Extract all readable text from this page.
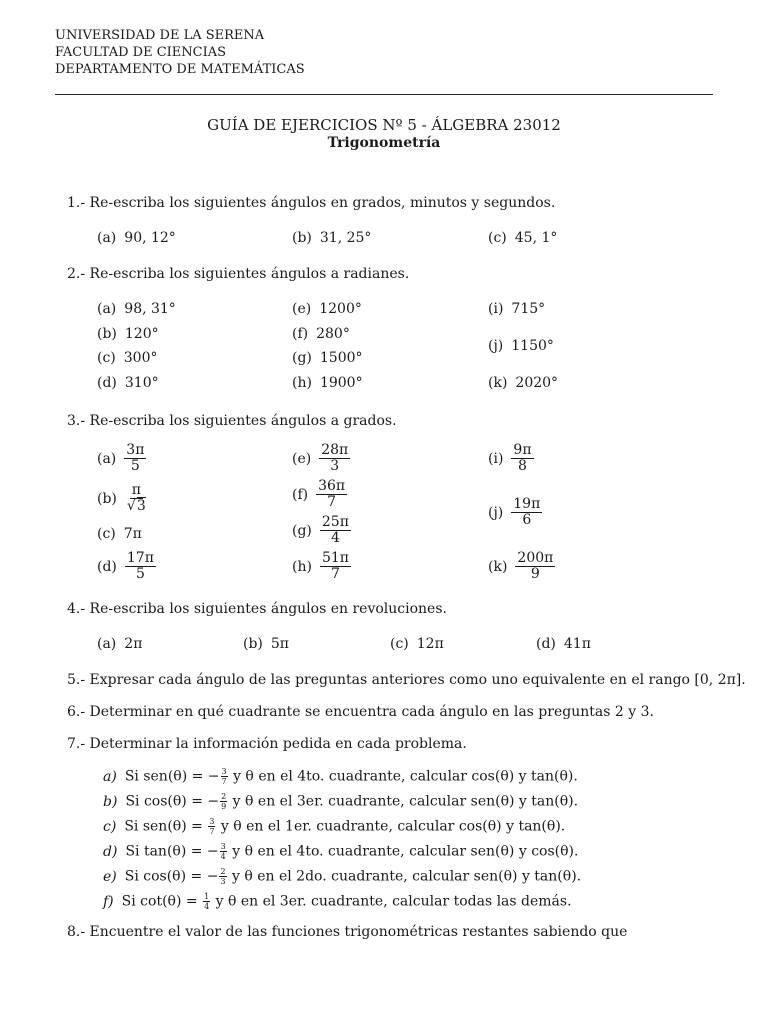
UNIVERSIDAD DE LA SERENA
FACULTAD DE CIENCIAS
DEPARTAMENTO DE MATEMÁTICAS
GUÍA DE EJERCICIOS Nº 5 - ÁLGEBRA 23012
Trigonometría
1.- Re-escriba los siguientes ángulos en grados, minutos y segundos.
(a) 90, 12°	(b) 31, 25°	(c) 45, 1°
2.- Re-escriba los siguientes ángulos a radianes.
(a) 98, 31°
(b) 120°
(c) 300°
(d) 310°
(e) 1200°
(f) 280°
(g) 1500°
(h) 1900°
(i) 715°
(j) 1150°
(k) 2020°
3.- Re-escriba los siguientes ángulos a grados.
$(a) \frac{3\pi}{5}$
$(b) \frac{\pi}{√3}$
(c) 7π
$(d) \frac{17\pi}{5}$
$(e) \frac{28\pi}{3}$
$(f) \frac{36\pi}{7}$
$(g) \frac{25\pi}{4}$
$(h) \frac{51\pi}{7}$
$(i) \frac{9\pi}{8}$
$(j) \frac{19\pi}{6}$
$(k) \frac{200\pi}{9}$
4.- Re-escriba los siguientes ángulos en revoluciones.
(a) 2π	(b) 5π	(c) 12π	(d) 41π
5.- Expresar cada ángulo de las preguntas anteriores como uno equivalente en el rango [0, 2π].
6.- Determinar en qué cuadrante se encuentra cada ángulo en las preguntas 2 y 3.
7.- Determinar la información pedida en cada problema.
a) Si sen(θ) = − $\frac{3}{7}$ y θ en el 4to. cuadrante, calcular cos(θ) y tan(θ).
b) Si cos(θ) = − $\frac{2}{9}$ y θ en el 3er. cuadrante, calcular sen(θ) y tan(θ).
c) Si $sen(\theta) = \frac{3}{7}$ y θ en el 1er. cuadrante, calcular cos(θ) y tan(θ).
d) Si tan(θ) = − $\frac{3}{4}$ y θ en el 4to. cuadrante, calcular sen(θ) y cos(θ).
e) Si cos(θ) = − $\frac{2}{3}$ y θ en el 2do. cuadrante, calcular sen(θ) y tan(θ).
f) Si $\cot(\theta) = \frac{1}{4}$ y θ en el 3er. cuadrante, calcular todas las demás.
8.- Encuentre el valor de las funciones trigonométricas restantes sabiendo que
